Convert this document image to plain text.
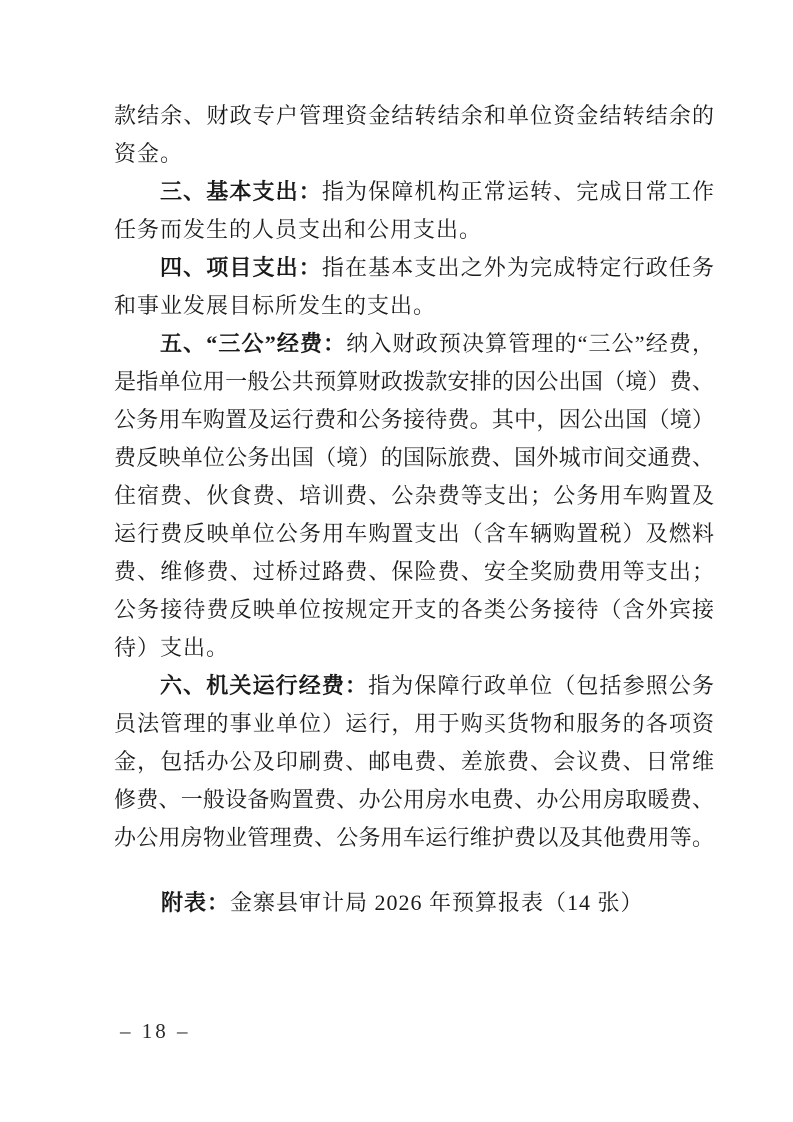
款结余、财政专户管理资金结转结余和单位资金结转结余的
资金。
三、基本支出：指为保障机构正常运转、完成日常工作
任务而发生的人员支出和公用支出。
四、项目支出：指在基本支出之外为完成特定行政任务
和事业发展目标所发生的支出。
五、“三公”经费：纳入财政预决算管理的“三公”经费，
是指单位用一般公共预算财政拨款安排的因公出国（境）费、
公务用车购置及运行费和公务接待费。其中，因公出国（境）
费反映单位公务出国（境）的国际旅费、国外城市间交通费、
住宿费、伙食费、培训费、公杂费等支出；公务用车购置及
运行费反映单位公务用车购置支出（含车辆购置税）及燃料
费、维修费、过桥过路费、保险费、安全奖励费用等支出；
公务接待费反映单位按规定开支的各类公务接待（含外宾接
待）支出。
六、机关运行经费：指为保障行政单位（包括参照公务
员法管理的事业单位）运行，用于购买货物和服务的各项资
金，包括办公及印刷费、邮电费、差旅费、会议费、日常维
修费、一般设备购置费、办公用房水电费、办公用房取暖费、
办公用房物业管理费、公务用车运行维护费以及其他费用等。
附表：金寨县审计局 2026 年预算报表（14 张）
– 18 –
